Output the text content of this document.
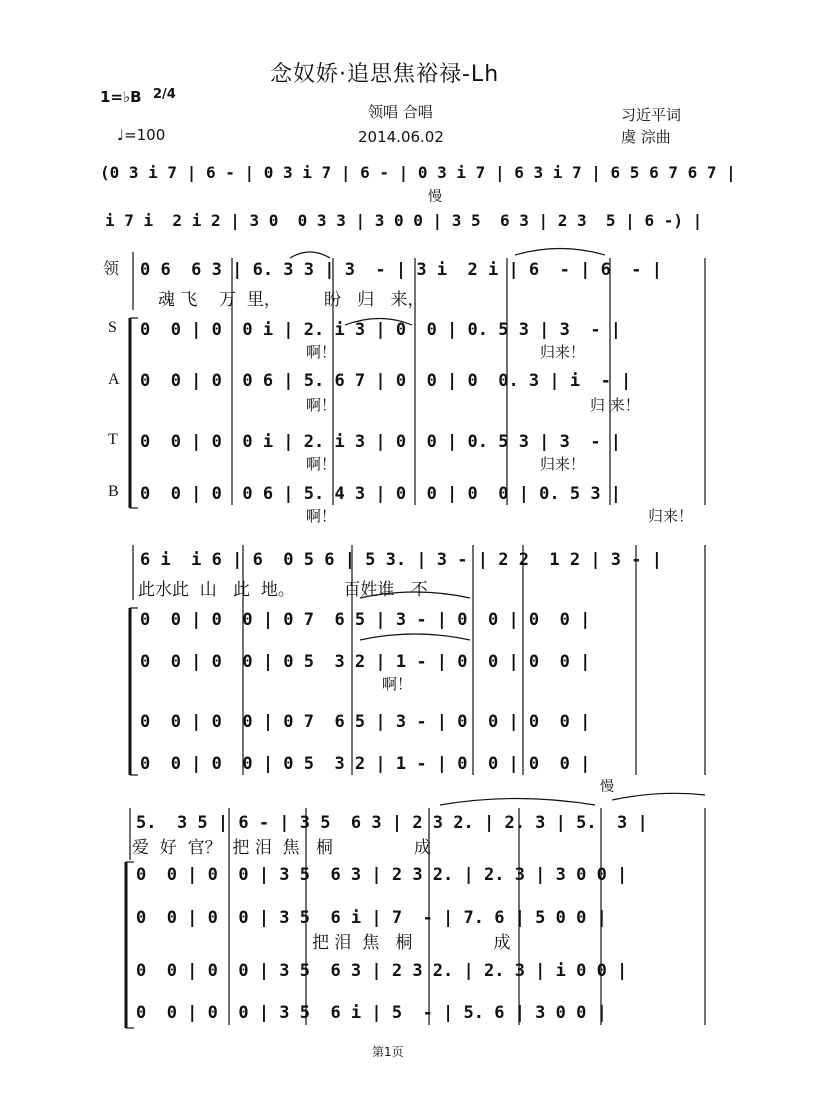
念奴娇·追思焦裕禄-Lh
1=♭B 2/4
♩=100
领唱 合唱
2014.06.02
习近平词
虞 淙曲
(0 3 i 7 | 6 - | 0 3 i 7 | 6 - | 0 3 i 7 | 6 3 i 7 | 6 5 6 7 6 7 |
慢
i 7 i  2 i 2 | 3 0  0 3 3 | 3 0 0 | 3 5  6 3 | 2 3  5 | 6 -) |
领
S
A
T
B
0 6  6 3 | 6. 3 3 | 3  - | 3 i  2 i | 6  - | 6  - |
魂 飞    万  里，        盼   归   来，
0  0 | 0  0 i | 2. i 3 | 0  0 | 0. 5 3 | 3  - |
啊！	归来！
0  0 | 0  0 6 | 5. 6 7 | 0  0 | 0  0. 3 | i  - |
啊！	归 来！
0  0 | 0  0 i | 2. i 3 | 0  0 | 0. 5 3 | 3  - |
啊！	归来！
0  0 | 0  0 6 | 5. 4 3 | 0  0 | 0  0 | 0. 5 3 |
啊！	归来！
6 i  i 6 | 6  0 5 6 | 5 3. | 3 - | 2 2  1 2 | 3 - |
此水此  山   此  地。         百姓谁   不
0  0 | 0  0 | 0 7  6 5 | 3 - | 0  0 | 0  0 |
0  0 | 0  0 | 0 5  3 2 | 1 - | 0  0 | 0  0 |
啊！
0  0 | 0  0 | 0 7  6 5 | 3 - | 0  0 | 0  0 |
0  0 | 0  0 | 0 5  3 2 | 1 - | 0  0 | 0  0 |
慢
5.  3 5 | 6 - | 3 5  6 3 | 2 3 2. | 2. 3 | 5.  3 |
爱  好  官？  把 泪  焦   桐               成
0  0 | 0  0 | 3 5  6 3 | 2 3 2. | 2. 3 | 3 0 0 |
0  0 | 0  0 | 3 5  6 i | 7  - | 7. 6 | 5 0 0 |
把 泪  焦   桐               成
0  0 | 0  0 | 3 5  6 3 | 2 3 2. | 2. 3 | i 0 0 |
0  0 | 0  0 | 3 5  6 i | 5  - | 5. 6 | 3 0 0 |
第1页
